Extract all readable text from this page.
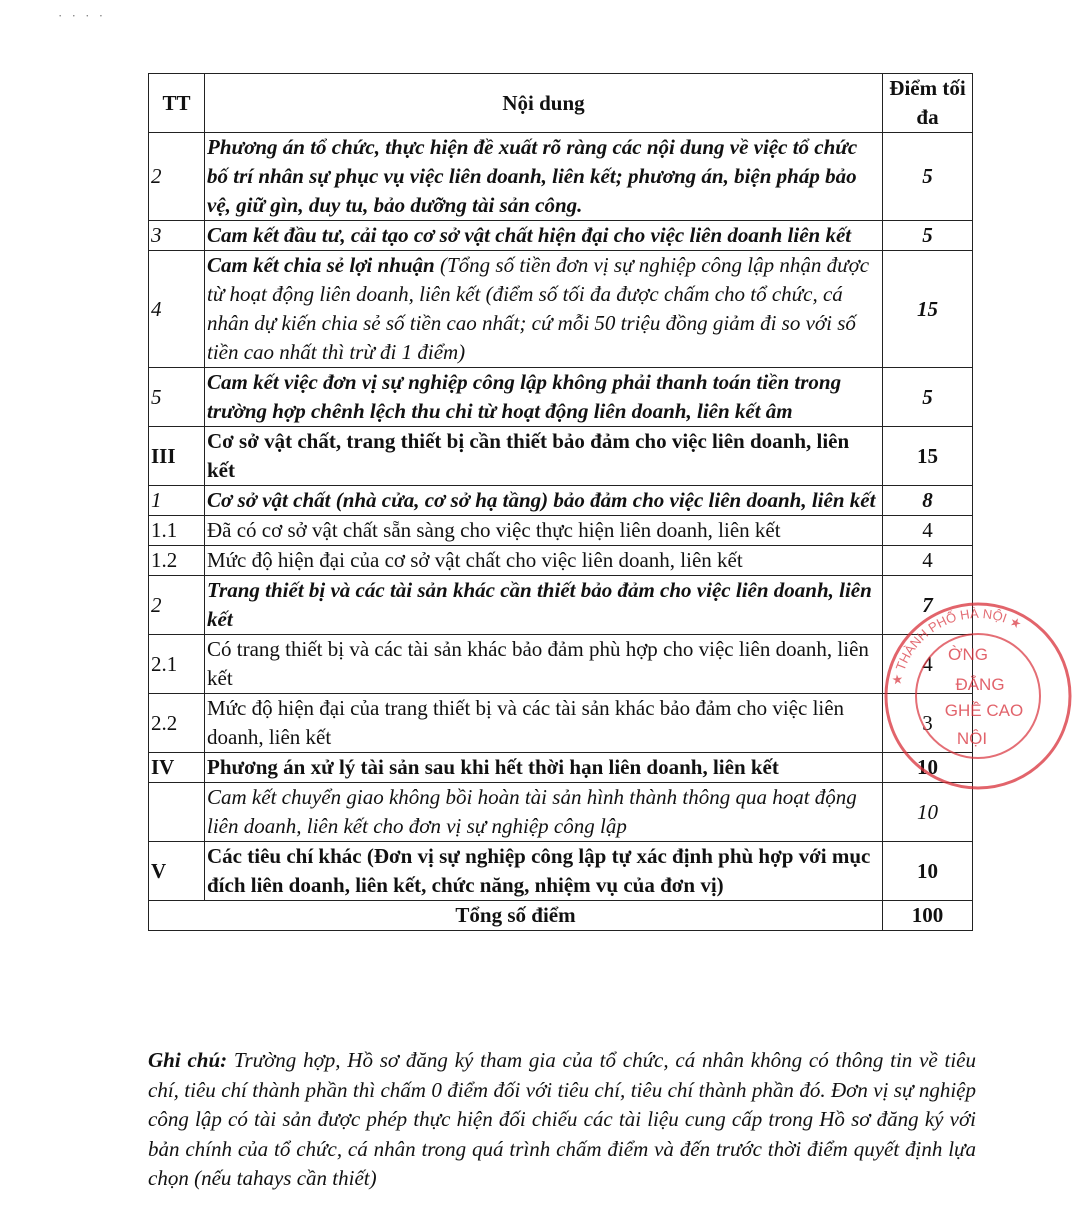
· · · ·
TT	Nội dung	Điểm tối đa
2	Phương án tổ chức, thực hiện đề xuất rõ ràng các nội dung về việc tổ chức bố trí nhân sự phục vụ việc liên doanh, liên kết; phương án, biện pháp bảo vệ, giữ gìn, duy tu, bảo dưỡng tài sản công.	5
3	Cam kết đầu tư, cải tạo cơ sở vật chất hiện đại cho việc liên doanh liên kết	5
4	Cam kết chia sẻ lợi nhuận (Tổng số tiền đơn vị sự nghiệp công lập nhận được từ hoạt động liên doanh, liên kết (điểm số tối đa được chấm cho tổ chức, cá nhân dự kiến chia sẻ số tiền cao nhất; cứ mỗi 50 triệu đồng giảm đi so với số tiền cao nhất thì trừ đi 1 điểm)	15
5	Cam kết việc đơn vị sự nghiệp công lập không phải thanh toán tiền trong trường hợp chênh lệch thu chi từ hoạt động liên doanh, liên kết âm	5
III	Cơ sở vật chất, trang thiết bị cần thiết bảo đảm cho việc liên doanh, liên kết	15
1	Cơ sở vật chất (nhà cửa, cơ sở hạ tầng) bảo đảm cho việc liên doanh, liên kết	8
1.1	Đã có cơ sở vật chất sẵn sàng cho việc thực hiện liên doanh, liên kết	4
1.2	Mức độ hiện đại của cơ sở vật chất cho việc liên doanh, liên kết	4
2	Trang thiết bị và các tài sản khác cần thiết bảo đảm cho việc liên doanh, liên kết	7
2.1	Có trang thiết bị và các tài sản khác bảo đảm phù hợp cho việc liên doanh, liên kết	4
2.2	Mức độ hiện đại của trang thiết bị và các tài sản khác bảo đảm cho việc liên doanh, liên kết	3
IV	Phương án xử lý tài sản sau khi hết thời hạn liên doanh, liên kết	10
	Cam kết chuyển giao không bồi hoàn tài sản hình thành thông qua hoạt động liên doanh, liên kết cho đơn vị sự nghiệp công lập	10
V	Các tiêu chí khác (Đơn vị sự nghiệp công lập tự xác định phù hợp với mục đích liên doanh, liên kết, chức năng, nhiệm vụ của đơn vị)	10
Tổng số điểm		100
Ghi chú: Trường hợp, Hồ sơ đăng ký tham gia của tổ chức, cá nhân không có thông tin về tiêu chí, tiêu chí thành phần thì chấm 0 điểm đối với tiêu chí, tiêu chí thành phần đó. Đơn vị sự nghiệp công lập có tài sản được phép thực hiện đối chiếu các tài liệu cung cấp trong Hồ sơ đăng ký với bản chính của tổ chức, cá nhân trong quá trình chấm điểm và đến trước thời điểm quyết định lựa chọn (nếu tahays cần thiết)
★ THÀNH PHỐ HÀ NỘI ★
ỜNG
ĐẲNG
GHỀ CAO
NỘI
